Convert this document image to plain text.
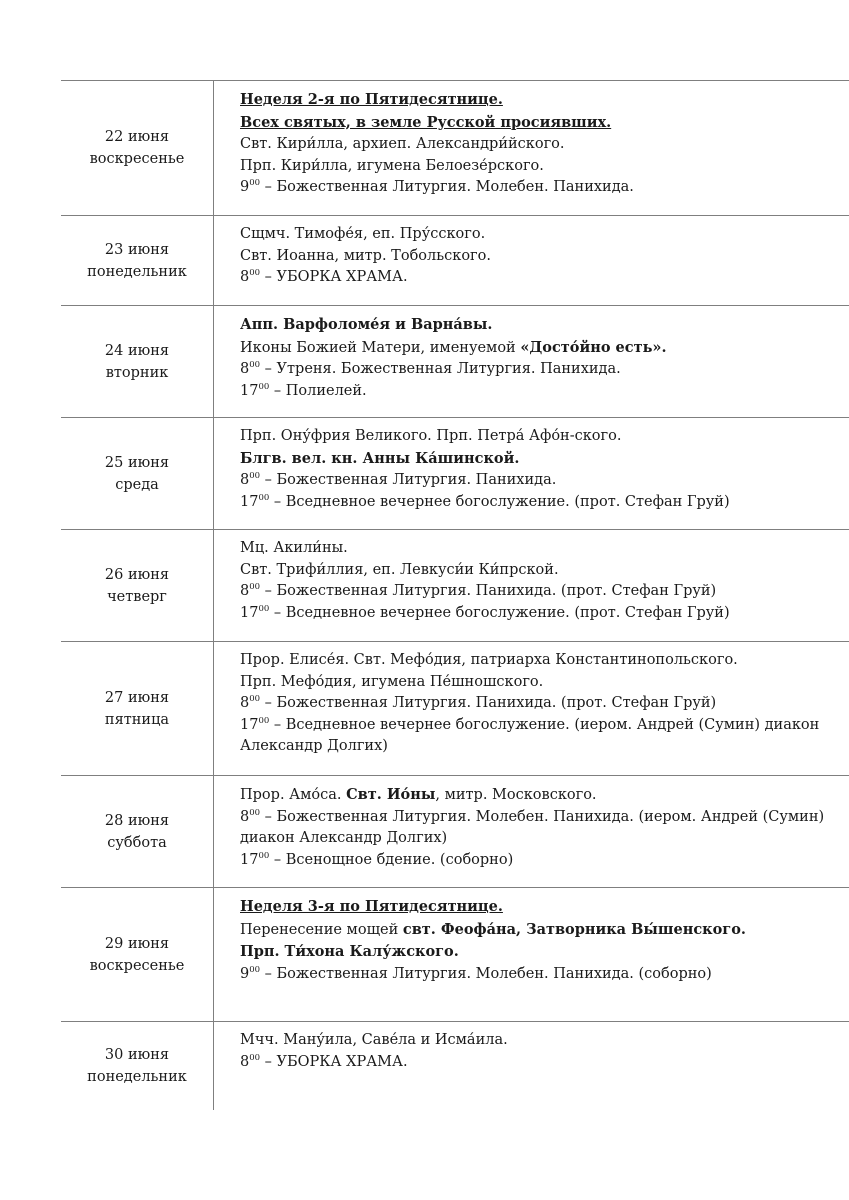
22 июня
воскресенье
Неделя 2-я по Пятидесятнице.
Всех святых, в земле Русской просиявших.
Свт. Кири́лла, архиеп. Александри́йского.
Прп. Кири́лла, игумена Белоезе́рского.
$9^{00}$ – Божественная Литургия. Молебен. Панихида.
23 июня
понедельник
Сщмч. Тимофе́я, еп. Пру́сского.
Свт. Иоанна, митр. Тобольского.
$8^{00}$ – УБОРКА ХРАМА.
24 июня
вторник
Апп. Варфоломе́я и Варна́вы.
Иконы Божией Матери, именуемой «Досто́йно есть».
$8^{00}$ – Утреня. Божественная Литургия. Панихида.
$17^{00}$ – Полиелей.
25 июня
среда
Прп. Ону́фрия Великого. Прп. Петра́ Афо́н-ского.
Блгв. вел. кн. Анны Ка́шинской.
$8^{00}$ – Божественная Литургия. Панихида.
$17^{00}$ – Вседневное вечернее богослужение. (прот. Стефан Груй)
26 июня
четверг
Мц. Акили́ны.
Свт. Трифи́ллия, еп. Левкуси́и Ки́прской.
$8^{00}$ – Божественная Литургия. Панихида. (прот. Стефан Груй)
$17^{00}$ – Вседневное вечернее богослужение. (прот. Стефан Груй)
27 июня
пятница
Прор. Елисе́я. Свт. Мефо́дия, патриарха Константинопольского.
Прп. Мефо́дия, игумена Пе́шношского.
$8^{00}$ – Божественная Литургия. Панихида. (прот. Стефан Груй)
$17^{00}$ – Вседневное вечернее богослужение. (иером. Андрей (Сумин) диакон Александр Долгих)
28 июня
суббота
Прор. Амо́са. Свт. Ио́ны, митр. Московского.
$8^{00}$ – Божественная Литургия. Молебен. Панихида. (иером. Андрей (Сумин) диакон Александр Долгих)
$17^{00}$ – Всенощное бдение. (соборно)
29 июня
воскресенье
Неделя 3-я по Пятидесятнице.
Перенесение мощей свт. Феофа́на, Затворника Вы́шенского.
Прп. Ти́хона Калу́жского.
$9^{00}$ – Божественная Литургия. Молебен. Панихида. (соборно)
30 июня
понедельник
Мчч. Ману́ила, Саве́ла и Исма́ила.
$8^{00}$ – УБОРКА ХРАМА.
